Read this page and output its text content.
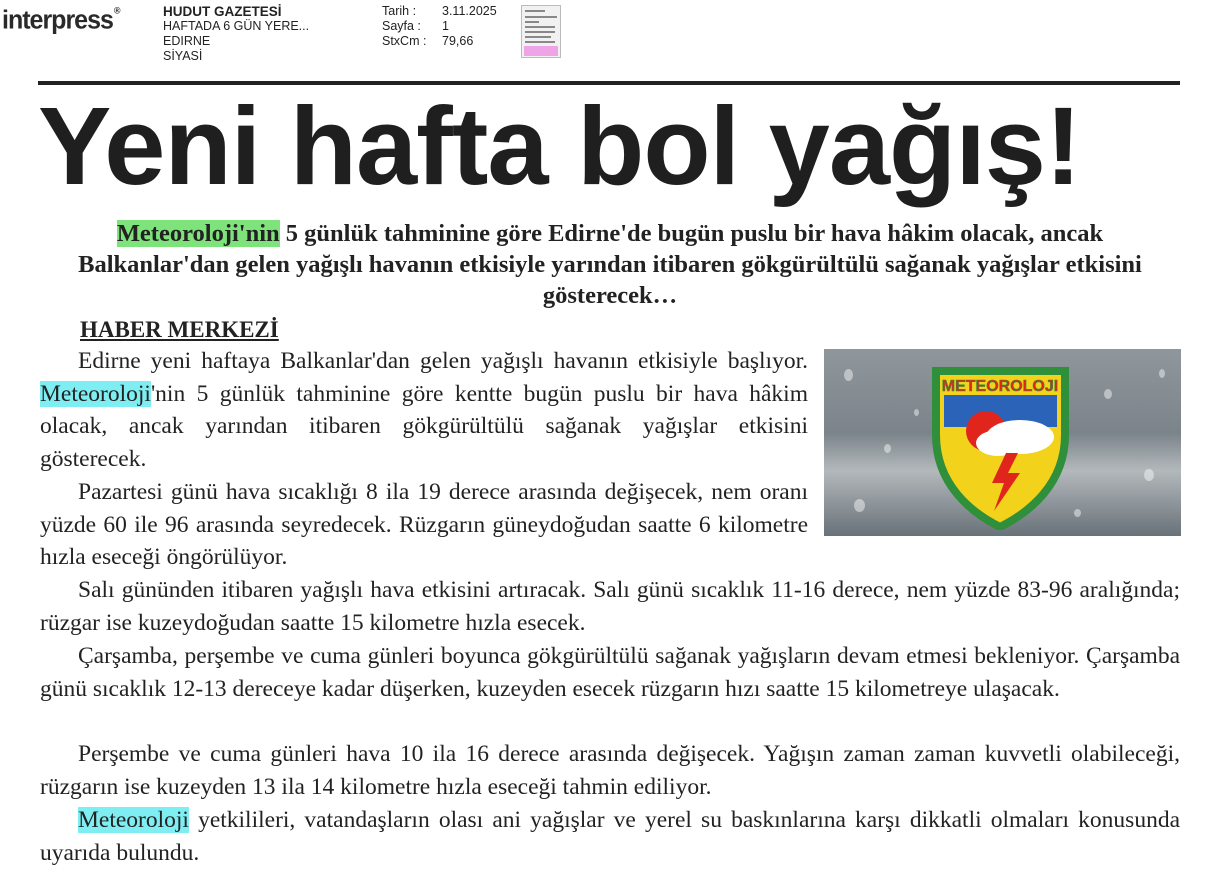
interpress®	HUDUT GAZETESİ
HAFTADA 6 GÜN YERE...
EDIRNE
SİYASİ
Tarih :	3.11.2025
Sayfa :	1
StxCm :	79,66
Yeni hafta bol yağış!

Meteoroloji'nin 5 günlük tahminine göre Edirne'de bugün puslu bir hava hâkim olacak, ancak Balkanlar'dan gelen yağışlı havanın etkisiyle yarından itibaren gökgürültülü sağanak yağışlar etkisini gösterecek…

HABER MERKEZİ

Edirne yeni haftaya Balkanlar'dan gelen yağışlı havanın etkisiyle başlıyor. Meteoroloji'nin 5 günlük tahminine göre kentte bugün puslu bir hava hâkim olacak, ancak yarından itibaren gökgürültülü sağanak yağışlar etkisini gösterecek.

Pazartesi günü hava sıcaklığı 8 ila 19 derece arasında değişecek, nem oranı yüzde 60 ile 96 arasında seyredecek. Rüzgarın güneydoğudan saatte 6 kilometre hızla eseceği öngörülüyor.

Salı gününden itibaren yağışlı hava etkisini artıracak. Salı günü sıcaklık 11-16 derece, nem yüzde 83-96 aralığında; rüzgar ise kuzeydoğudan saatte 15 kilometre hızla esecek.

Çarşamba, perşembe ve cuma günleri boyunca gökgürültülü sağanak yağışların devam etmesi bekleniyor. Çarşamba günü sıcaklık 12-13 dereceye kadar düşerken, kuzeyden esecek rüzgarın hızı saatte 15 kilometreye ulaşacak.

Perşembe ve cuma günleri hava 10 ila 16 derece arasında değişecek. Yağışın zaman zaman kuvvetli olabileceği, rüzgarın ise kuzeyden 13 ila 14 kilometre hızla eseceği tahmin ediliyor.

Meteoroloji yetkilileri, vatandaşların olası ani yağışlar ve yerel su baskınlarına karşı dikkatli olmaları konusunda uyarıda bulundu.

METEOROLOJI
